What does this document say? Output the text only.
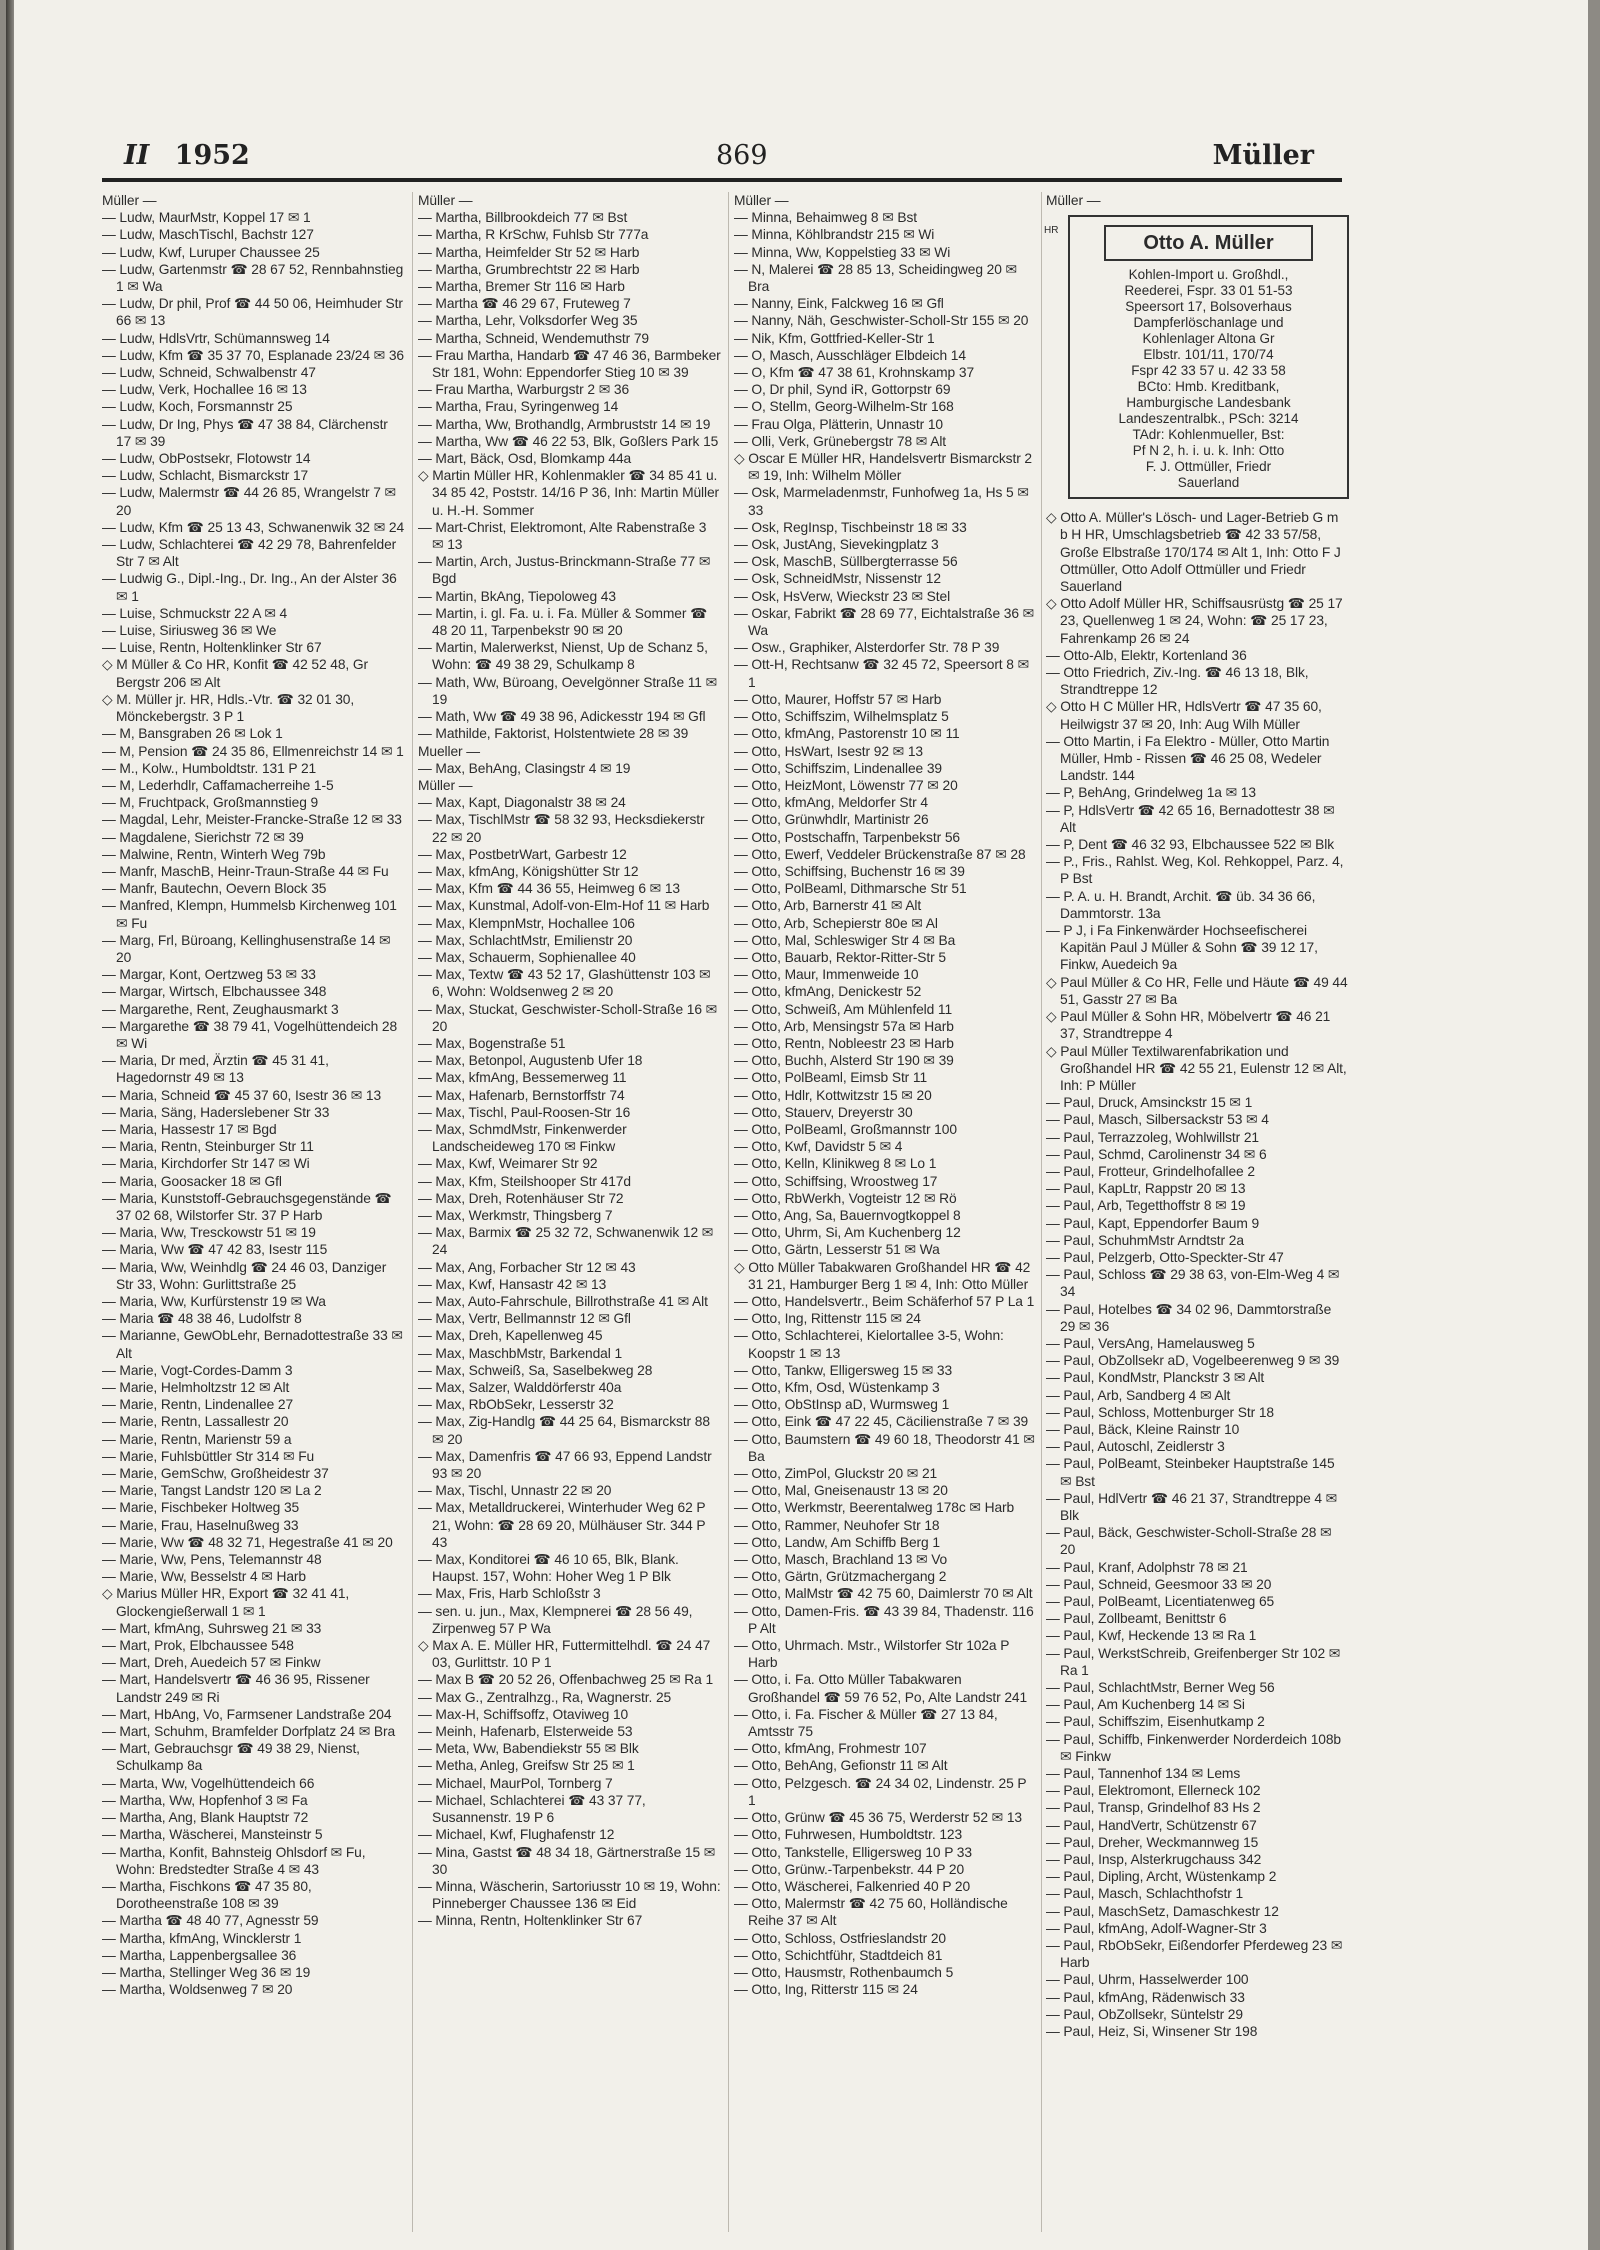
II 1952	869	Müller
Müller —
— Ludw, MaurMstr, Koppel 17 ✉ 1
— Ludw, MaschTischl, Bachstr 127
— Ludw, Kwf, Luruper Chaussee 25
— Ludw, Gartenmstr ☎ 28 67 52, Rennbahnstieg 1 ✉ Wa
— Ludw, Dr phil, Prof ☎ 44 50 06, Heimhuder Str 66 ✉ 13
— Ludw, HdlsVrtr, Schümannsweg 14
— Ludw, Kfm ☎ 35 37 70, Esplanade 23/24 ✉ 36
— Ludw, Schneid, Schwalbenstr 47
— Ludw, Verk, Hochallee 16 ✉ 13
— Ludw, Koch, Forsmannstr 25
— Ludw, Dr Ing, Phys ☎ 47 38 84, Clärchenstr 17 ✉ 39
— Ludw, ObPostsekr, Flotowstr 14
— Ludw, Schlacht, Bismarckstr 17
— Ludw, Malermstr ☎ 44 26 85, Wrangelstr 7 ✉ 20
— Ludw, Kfm ☎ 25 13 43, Schwanenwik 32 ✉ 24
— Ludw, Schlachterei ☎ 42 29 78, Bahrenfelder Str 7 ✉ Alt
— Ludwig G., Dipl.-Ing., Dr. Ing., An der Alster 36 ✉ 1
— Luise, Schmuckstr 22 A ✉ 4
— Luise, Siriusweg 36 ✉ We
— Luise, Rentn, Holtenklinker Str 67
◇ M Müller & Co HR, Konfit ☎ 42 52 48, Gr Bergstr 206 ✉ Alt
◇ M. Müller jr. HR, Hdls.-Vtr. ☎ 32 01 30, Mönckebergstr. 3 P 1
— M, Bansgraben 26 ✉ Lok 1
— M, Pension ☎ 24 35 86, Ellmenreichstr 14 ✉ 1
— M., Kolw., Humboldtstr. 131 P 21
— M, Lederhdlr, Caffamacherreihe 1-5
— M, Fruchtpack, Großmannstieg 9
— Magdal, Lehr, Meister-Francke-Straße 12 ✉ 33
— Magdalene, Sierichstr 72 ✉ 39
— Malwine, Rentn, Winterh Weg 79b
— Manfr, MaschB, Heinr-Traun-Straße 44 ✉ Fu
— Manfr, Bautechn, Oevern Block 35
— Manfred, Klempn, Hummelsb Kirchenweg 101 ✉ Fu
— Marg, Frl, Büroang, Kellinghusenstraße 14 ✉ 20
— Margar, Kont, Oertzweg 53 ✉ 33
— Margar, Wirtsch, Elbchaussee 348
— Margarethe, Rent, Zeughausmarkt 3
— Margarethe ☎ 38 79 41, Vogelhüttendeich 28 ✉ Wi
— Maria, Dr med, Ärztin ☎ 45 31 41, Hagedornstr 49 ✉ 13
— Maria, Schneid ☎ 45 37 60, Isestr 36 ✉ 13
— Maria, Säng, Haderslebener Str 33
— Maria, Hassestr 17 ✉ Bgd
— Maria, Rentn, Steinburger Str 11
— Maria, Kirchdorfer Str 147 ✉ Wi
— Maria, Goosacker 18 ✉ Gfl
— Maria, Kunststoff-Gebrauchsgegenstände ☎ 37 02 68, Wilstorfer Str. 37 P Harb
— Maria, Ww, Tresckowstr 51 ✉ 19
— Maria, Ww ☎ 47 42 83, Isestr 115
— Maria, Ww, Weinhdlg ☎ 24 46 03, Danziger Str 33, Wohn: Gurlittstraße 25
— Maria, Ww, Kurfürstenstr 19 ✉ Wa
— Maria ☎ 48 38 46, Ludolfstr 8
— Marianne, GewObLehr, Bernadottestraße 33 ✉ Alt
— Marie, Vogt-Cordes-Damm 3
— Marie, Helmholtzstr 12 ✉ Alt
— Marie, Rentn, Lindenallee 27
— Marie, Rentn, Lassallestr 20
— Marie, Rentn, Marienstr 59 a
— Marie, Fuhlsbüttler Str 314 ✉ Fu
— Marie, GemSchw, Großheidestr 37
— Marie, Tangst Landstr 120 ✉ La 2
— Marie, Fischbeker Holtweg 35
— Marie, Frau, Haselnußweg 33
— Marie, Ww ☎ 48 32 71, Hegestraße 41 ✉ 20
— Marie, Ww, Pens, Telemannstr 48
— Marie, Ww, Besselstr 4 ✉ Harb
◇ Marius Müller HR, Export ☎ 32 41 41, Glockengießerwall 1 ✉ 1
— Mart, kfmAng, Suhrsweg 21 ✉ 33
— Mart, Prok, Elbchaussee 548
— Mart, Dreh, Auedeich 57 ✉ Finkw
— Mart, Handelsvertr ☎ 46 36 95, Rissener Landstr 249 ✉ Ri
— Mart, HbAng, Vo, Farmsener Landstraße 204
— Mart, Schuhm, Bramfelder Dorfplatz 24 ✉ Bra
— Mart, Gebrauchsgr ☎ 49 38 29, Nienst, Schulkamp 8a
— Marta, Ww, Vogelhüttendeich 66
— Martha, Ww, Hopfenhof 3 ✉ Fa
— Martha, Ang, Blank Hauptstr 72
— Martha, Wäscherei, Mansteinstr 5
— Martha, Konfit, Bahnsteig Ohlsdorf ✉ Fu, Wohn: Bredstedter Straße 4 ✉ 43
— Martha, Fischkons ☎ 47 35 80, Dorotheenstraße 108 ✉ 39
— Martha ☎ 48 40 77, Agnesstr 59
— Martha, kfmAng, Wincklerstr 1
— Martha, Lappenbergsallee 36
— Martha, Stellinger Weg 36 ✉ 19
— Martha, Woldsenweg 7 ✉ 20
Müller —
— Martha, Billbrookdeich 77 ✉ Bst
— Martha, R KrSchw, Fuhlsb Str 777a
— Martha, Heimfelder Str 52 ✉ Harb
— Martha, Grumbrechtstr 22 ✉ Harb
— Martha, Bremer Str 116 ✉ Harb
— Martha ☎ 46 29 67, Fruteweg 7
— Martha, Lehr, Volksdorfer Weg 35
— Martha, Schneid, Wendemuthstr 79
— Frau Martha, Handarb ☎ 47 46 36, Barmbeker Str 181, Wohn: Eppendorfer Stieg 10 ✉ 39
— Frau Martha, Warburgstr 2 ✉ 36
— Martha, Frau, Syringenweg 14
— Martha, Ww, Brothandlg, Armbruststr 14 ✉ 19
— Martha, Ww ☎ 46 22 53, Blk, Goßlers Park 15
— Mart, Bäck, Osd, Blomkamp 44a
◇ Martin Müller HR, Kohlenmakler ☎ 34 85 41 u. 34 85 42, Poststr. 14/16 P 36, Inh: Martin Müller u. H.-H. Sommer
— Mart-Christ, Elektromont, Alte Rabenstraße 3 ✉ 13
— Martin, Arch, Justus-Brinckmann-Straße 77 ✉ Bgd
— Martin, BkAng, Tiepoloweg 43
— Martin, i. gl. Fa. u. i. Fa. Müller & Sommer ☎ 48 20 11, Tarpenbekstr 90 ✉ 20
— Martin, Malerwerkst, Nienst, Up de Schanz 5, Wohn: ☎ 49 38 29, Schulkamp 8
— Math, Ww, Büroang, Oevelgönner Straße 11 ✉ 19
— Math, Ww ☎ 49 38 96, Adickesstr 194 ✉ Gfl
— Mathilde, Faktorist, Holstentwiete 28 ✉ 39
Mueller —
— Max, BehAng, Clasingstr 4 ✉ 19
Müller —
— Max, Kapt, Diagonalstr 38 ✉ 24
— Max, TischlMstr ☎ 58 32 93, Hecksdiekerstr 22 ✉ 20
— Max, PostbetrWart, Garbestr 12
— Max, kfmAng, Königshütter Str 12
— Max, Kfm ☎ 44 36 55, Heimweg 6 ✉ 13
— Max, Kunstmal, Adolf-von-Elm-Hof 11 ✉ Harb
— Max, KlempnMstr, Hochallee 106
— Max, SchlachtMstr, Emilienstr 20
— Max, Schauerm, Sophienallee 40
— Max, Textw ☎ 43 52 17, Glashüttenstr 103 ✉ 6, Wohn: Woldsenweg 2 ✉ 20
— Max, Stuckat, Geschwister-Scholl-Straße 16 ✉ 20
— Max, Bogenstraße 51
— Max, Betonpol, Augustenb Ufer 18
— Max, kfmAng, Bessemerweg 11
— Max, Hafenarb, Bernstorffstr 74
— Max, Tischl, Paul-Roosen-Str 16
— Max, SchmdMstr, Finkenwerder Landscheideweg 170 ✉ Finkw
— Max, Kwf, Weimarer Str 92
— Max, Kfm, Steilshooper Str 417d
— Max, Dreh, Rotenhäuser Str 72
— Max, Werkmstr, Thingsberg 7
— Max, Barmix ☎ 25 32 72, Schwanenwik 12 ✉ 24
— Max, Ang, Forbacher Str 12 ✉ 43
— Max, Kwf, Hansastr 42 ✉ 13
— Max, Auto-Fahrschule, Billrothstraße 41 ✉ Alt
— Max, Vertr, Bellmannstr 12 ✉ Gfl
— Max, Dreh, Kapellenweg 45
— Max, MaschbMstr, Barkendal 1
— Max, Schweiß, Sa, Saselbekweg 28
— Max, Salzer, Walddörferstr 40a
— Max, RbObSekr, Lesserstr 32
— Max, Zig-Handlg ☎ 44 25 64, Bismarckstr 88 ✉ 20
— Max, Damenfris ☎ 47 66 93, Eppend Landstr 93 ✉ 20
— Max, Tischl, Unnastr 22 ✉ 20
— Max, Metalldruckerei, Winterhuder Weg 62 P 21, Wohn: ☎ 28 69 20, Mülhäuser Str. 344 P 43
— Max, Konditorei ☎ 46 10 65, Blk, Blank. Haupst. 157, Wohn: Hoher Weg 1 P Blk
— Max, Fris, Harb Schloßstr 3
— sen. u. jun., Max, Klempnerei ☎ 28 56 49, Zirpenweg 57 P Wa
◇ Max A. E. Müller HR, Futtermittelhdl. ☎ 24 47 03, Gurlittstr. 10 P 1
— Max B ☎ 20 52 26, Offenbachweg 25 ✉ Ra 1
— Max G., Zentralhzg., Ra, Wagnerstr. 25
— Max-H, Schiffsoffz, Otaviweg 10
— Meinh, Hafenarb, Elsterweide 53
— Meta, Ww, Babendiekstr 55 ✉ Blk
— Metha, Anleg, Greifsw Str 25 ✉ 1
— Michael, MaurPol, Tornberg 7
— Michael, Schlachterei ☎ 43 37 77, Susannenstr. 19 P 6
— Michael, Kwf, Flughafenstr 12
— Mina, Gastst ☎ 48 34 18, Gärtnerstraße 15 ✉ 30
— Minna, Wäscherin, Sartoriusstr 10 ✉ 19, Wohn: Pinneberger Chaussee 136 ✉ Eid
— Minna, Rentn, Holtenklinker Str 67
Müller —
— Minna, Behaimweg 8 ✉ Bst
— Minna, Köhlbrandstr 215 ✉ Wi
— Minna, Ww, Koppelstieg 33 ✉ Wi
— N, Malerei ☎ 28 85 13, Scheidingweg 20 ✉ Bra
— Nanny, Eink, Falckweg 16 ✉ Gfl
— Nanny, Näh, Geschwister-Scholl-Str 155 ✉ 20
— Nik, Kfm, Gottfried-Keller-Str 1
— O, Masch, Ausschläger Elbdeich 14
— O, Kfm ☎ 47 38 61, Krohnskamp 37
— O, Dr phil, Synd iR, Gottorpstr 69
— O, Stellm, Georg-Wilhelm-Str 168
— Frau Olga, Plätterin, Unnastr 10
— Olli, Verk, Grünebergstr 78 ✉ Alt
◇ Oscar E Müller HR, Handelsvertr Bismarckstr 2 ✉ 19, Inh: Wilhelm Möller
— Osk, Marmeladenmstr, Funhofweg 1a, Hs 5 ✉ 33
— Osk, RegInsp, Tischbeinstr 18 ✉ 33
— Osk, JustAng, Sievekingplatz 3
— Osk, MaschB, Süllbergterrasse 56
— Osk, SchneidMstr, Nissenstr 12
— Osk, HsVerw, Wieckstr 23 ✉ Stel
— Oskar, Fabrikt ☎ 28 69 77, Eichtalstraße 36 ✉ Wa
— Osw., Graphiker, Alsterdorfer Str. 78 P 39
— Ott-H, Rechtsanw ☎ 32 45 72, Speersort 8 ✉ 1
— Otto, Maurer, Hoffstr 57 ✉ Harb
— Otto, Schiffszim, Wilhelmsplatz 5
— Otto, kfmAng, Pastorenstr 10 ✉ 11
— Otto, HsWart, Isestr 92 ✉ 13
— Otto, Schiffszim, Lindenallee 39
— Otto, HeizMont, Löwenstr 77 ✉ 20
— Otto, kfmAng, Meldorfer Str 4
— Otto, Grünwhdlr, Martinistr 26
— Otto, Postschaffn, Tarpenbekstr 56
— Otto, Ewerf, Veddeler Brückenstraße 87 ✉ 28
— Otto, Schiffsing, Buchenstr 16 ✉ 39
— Otto, PolBeaml, Dithmarsche Str 51
— Otto, Arb, Barnerstr 41 ✉ Alt
— Otto, Arb, Schepierstr 80e ✉ Al
— Otto, Mal, Schleswiger Str 4 ✉ Ba
— Otto, Bauarb, Rektor-Ritter-Str 5
— Otto, Maur, Immenweide 10
— Otto, kfmAng, Denickestr 52
— Otto, Schweiß, Am Mühlenfeld 11
— Otto, Arb, Mensingstr 57a ✉ Harb
— Otto, Rentn, Nobleestr 23 ✉ Harb
— Otto, Buchh, Alsterd Str 190 ✉ 39
— Otto, PolBeaml, Eimsb Str 11
— Otto, Hdlr, Kottwitzstr 15 ✉ 20
— Otto, Stauerv, Dreyerstr 30
— Otto, PolBeaml, Großmannstr 100
— Otto, Kwf, Davidstr 5 ✉ 4
— Otto, Kelln, Klinikweg 8 ✉ Lo 1
— Otto, Schiffsing, Wroostweg 17
— Otto, RbWerkh, Vogteistr 12 ✉ Rö
— Otto, Ang, Sa, Bauernvogtkoppel 8
— Otto, Uhrm, Si, Am Kuchenberg 12
— Otto, Gärtn, Lesserstr 51 ✉ Wa
◇ Otto Müller Tabakwaren Großhandel HR ☎ 42 31 21, Hamburger Berg 1 ✉ 4, Inh: Otto Müller
— Otto, Handelsvertr., Beim Schäferhof 57 P La 1
— Otto, Ing, Rittenstr 115 ✉ 24
— Otto, Schlachterei, Kielortallee 3-5, Wohn: Koopstr 1 ✉ 13
— Otto, Tankw, Elligersweg 15 ✉ 33
— Otto, Kfm, Osd, Wüstenkamp 3
— Otto, ObStInsp aD, Wurmsweg 1
— Otto, Eink ☎ 47 22 45, Cäcilienstraße 7 ✉ 39
— Otto, Baumstern ☎ 49 60 18, Theodorstr 41 ✉ Ba
— Otto, ZimPol, Gluckstr 20 ✉ 21
— Otto, Mal, Gneisenaustr 13 ✉ 20
— Otto, Werkmstr, Beerentalweg 178c ✉ Harb
— Otto, Rammer, Neuhofer Str 18
— Otto, Landw, Am Schiffb Berg 1
— Otto, Masch, Brachland 13 ✉ Vo
— Otto, Gärtn, Grützmachergang 2
— Otto, MalMstr ☎ 42 75 60, Daimlerstr 70 ✉ Alt
— Otto, Damen-Fris. ☎ 43 39 84, Thadenstr. 116 P Alt
— Otto, Uhrmach. Mstr., Wilstorfer Str 102a P Harb
— Otto, i. Fa. Otto Müller Tabakwaren Großhandel ☎ 59 76 52, Po, Alte Landstr 241
— Otto, i. Fa. Fischer & Müller ☎ 27 13 84, Amtsstr 75
— Otto, kfmAng, Frohmestr 107
— Otto, BehAng, Gefionstr 11 ✉ Alt
— Otto, Pelzgesch. ☎ 24 34 02, Lindenstr. 25 P 1
— Otto, Grünw ☎ 45 36 75, Werderstr 52 ✉ 13
— Otto, Fuhrwesen, Humboldtstr. 123
— Otto, Tankstelle, Elligersweg 10 P 33
— Otto, Grünw.-Tarpenbekstr. 44 P 20
— Otto, Wäscherei, Falkenried 40 P 20
— Otto, Malermstr ☎ 42 75 60, Holländische Reihe 37 ✉ Alt
— Otto, Schloss, Ostfrieslandstr 20
— Otto, Schichtführ, Stadtdeich 81
— Otto, Hausmstr, Rothenbaumch 5
— Otto, Ing, Ritterstr 115 ✉ 24
Müller —
HR
Otto A. Müller
Kohlen-Import u. Großhdl.,
Reederei, Fspr. 33 01 51-53
Speersort 17, Bolsoverhaus
Dampferlöschanlage und
Kohlenlager Altona Gr
Elbstr. 101/11, 170/74
Fspr 42 33 57 u. 42 33 58
BCto: Hmb. Kreditbank,
Hamburgische Landesbank
Landeszentralbk., PSch: 3214
TAdr: Kohlenmueller, Bst:
Pf N 2, h. i. u. k. Inh: Otto
F. J. Ottmüller, Friedr
Sauerland
◇ Otto A. Müller's Lösch- und Lager-Betrieb G m b H HR, Umschlagsbetrieb ☎ 42 33 57/58, Große Elbstraße 170/174 ✉ Alt 1, Inh: Otto F J Ottmüller, Otto Adolf Ottmüller und Friedr Sauerland
◇ Otto Adolf Müller HR, Schiffsausrüstg ☎ 25 17 23, Quellenweg 1 ✉ 24, Wohn: ☎ 25 17 23, Fahrenkamp 26 ✉ 24
— Otto-Alb, Elektr, Kortenland 36
— Otto Friedrich, Ziv.-Ing. ☎ 46 13 18, Blk, Strandtreppe 12
◇ Otto H C Müller HR, HdlsVertr ☎ 47 35 60, Heilwigstr 37 ✉ 20, Inh: Aug Wilh Müller
— Otto Martin, i Fa Elektro - Müller, Otto Martin Müller, Hmb - Rissen ☎ 46 25 08, Wedeler Landstr. 144
— P, BehAng, Grindelweg 1a ✉ 13
— P, HdlsVertr ☎ 42 65 16, Bernadottestr 38 ✉ Alt
— P, Dent ☎ 46 32 93, Elbchaussee 522 ✉ Blk
— P., Fris., Rahlst. Weg, Kol. Rehkoppel, Parz. 4, P Bst
— P. A. u. H. Brandt, Archit. ☎ üb. 34 36 66, Dammtorstr. 13a
— P J, i Fa Finkenwärder Hochseefischerei Kapitän Paul J Müller & Sohn ☎ 39 12 17, Finkw, Auedeich 9a
◇ Paul Müller & Co HR, Felle und Häute ☎ 49 44 51, Gasstr 27 ✉ Ba
◇ Paul Müller & Sohn HR, Möbelvertr ☎ 46 21 37, Strandtreppe 4
◇ Paul Müller Textilwarenfabrikation und Großhandel HR ☎ 42 55 21, Eulenstr 12 ✉ Alt, Inh: P Müller
— Paul, Druck, Amsinckstr 15 ✉ 1
— Paul, Masch, Silbersackstr 53 ✉ 4
— Paul, Terrazzoleg, Wohlwillstr 21
— Paul, Schmd, Carolinenstr 34 ✉ 6
— Paul, Frotteur, Grindelhofallee 2
— Paul, KapLtr, Rappstr 20 ✉ 13
— Paul, Arb, Tegetthoffstr 8 ✉ 19
— Paul, Kapt, Eppendorfer Baum 9
— Paul, SchuhmMstr Arndtstr 2a
— Paul, Pelzgerb, Otto-Speckter-Str 47
— Paul, Schloss ☎ 29 38 63, von-Elm-Weg 4 ✉ 34
— Paul, Hotelbes ☎ 34 02 96, Dammtorstraße 29 ✉ 36
— Paul, VersAng, Hamelausweg 5
— Paul, ObZollsekr aD, Vogelbeerenweg 9 ✉ 39
— Paul, KondMstr, Planckstr 3 ✉ Alt
— Paul, Arb, Sandberg 4 ✉ Alt
— Paul, Schloss, Mottenburger Str 18
— Paul, Bäck, Kleine Rainstr 10
— Paul, Autoschl, Zeidlerstr 3
— Paul, PolBeamt, Steinbeker Hauptstraße 145 ✉ Bst
— Paul, HdlVertr ☎ 46 21 37, Strandtreppe 4 ✉ Blk
— Paul, Bäck, Geschwister-Scholl-Straße 28 ✉ 20
— Paul, Kranf, Adolphstr 78 ✉ 21
— Paul, Schneid, Geesmoor 33 ✉ 20
— Paul, PolBeamt, Licentiatenweg 65
— Paul, Zollbeamt, Benittstr 6
— Paul, Kwf, Heckende 13 ✉ Ra 1
— Paul, WerkstSchreib, Greifenberger Str 102 ✉ Ra 1
— Paul, SchlachtMstr, Berner Weg 56
— Paul, Am Kuchenberg 14 ✉ Si
— Paul, Schiffszim, Eisenhutkamp 2
— Paul, Schiffb, Finkenwerder Norderdeich 108b ✉ Finkw
— Paul, Tannenhof 134 ✉ Lems
— Paul, Elektromont, Ellerneck 102
— Paul, Transp, Grindelhof 83 Hs 2
— Paul, HandVertr, Schützenstr 67
— Paul, Dreher, Weckmannweg 15
— Paul, Insp, Alsterkrugchauss 342
— Paul, Dipling, Archt, Wüstenkamp 2
— Paul, Masch, Schlachthofstr 1
— Paul, MaschSetz, Damaschkestr 12
— Paul, kfmAng, Adolf-Wagner-Str 3
— Paul, RbObSekr, Eißendorfer Pferdeweg 23 ✉ Harb
— Paul, Uhrm, Hasselwerder 100
— Paul, kfmAng, Rädenwisch 33
— Paul, ObZollsekr, Süntelstr 29
— Paul, Heiz, Si, Winsener Str 198
